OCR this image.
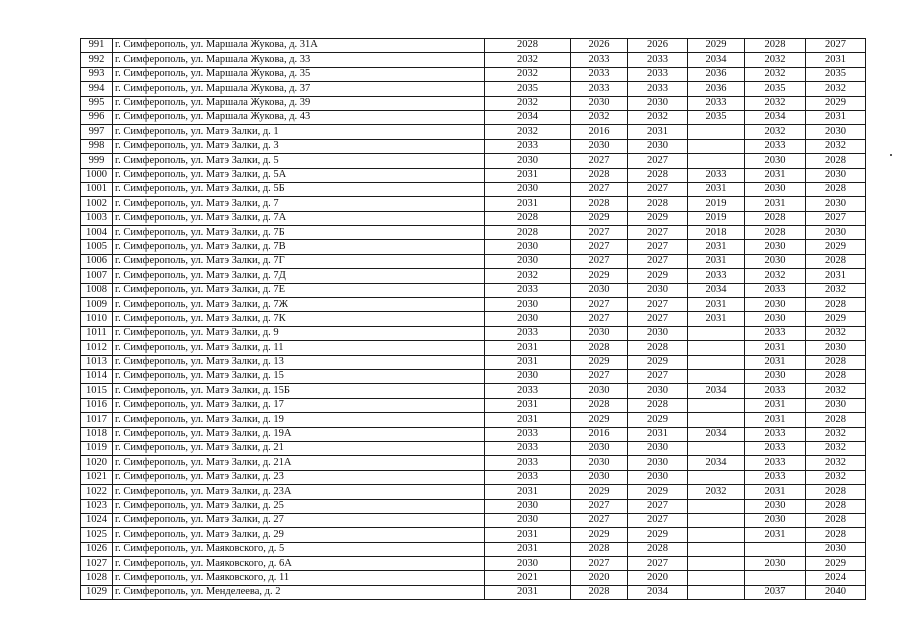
991	г. Симферополь, ул. Маршала Жукова, д. 31А	2028	2026	2026	2029	2028	2027
992	г. Симферополь, ул. Маршала Жукова, д. 33	2032	2033	2033	2034	2032	2031
993	г. Симферополь, ул. Маршала Жукова, д. 35	2032	2033	2033	2036	2032	2035
994	г. Симферополь, ул. Маршала Жукова, д. 37	2035	2033	2033	2036	2035	2032
995	г. Симферополь, ул. Маршала Жукова, д. 39	2032	2030	2030	2033	2032	2029
996	г. Симферополь, ул. Маршала Жукова, д. 43	2034	2032	2032	2035	2034	2031
997	г. Симферополь, ул. Матэ Залки, д. 1	2032	2016	2031		2032	2030
998	г. Симферополь, ул. Матэ Залки, д. 3	2033	2030	2030		2033	2032
999	г. Симферополь, ул. Матэ Залки, д. 5	2030	2027	2027		2030	2028
1000	г. Симферополь, ул. Матэ Залки, д. 5А	2031	2028	2028	2033	2031	2030
1001	г. Симферополь, ул. Матэ Залки, д. 5Б	2030	2027	2027	2031	2030	2028
1002	г. Симферополь, ул. Матэ Залки, д. 7	2031	2028	2028	2019	2031	2030
1003	г. Симферополь, ул. Матэ Залки, д. 7А	2028	2029	2029	2019	2028	2027
1004	г. Симферополь, ул. Матэ Залки, д. 7Б	2028	2027	2027	2018	2028	2030
1005	г. Симферополь, ул. Матэ Залки, д. 7В	2030	2027	2027	2031	2030	2029
1006	г. Симферополь, ул. Матэ Залки, д. 7Г	2030	2027	2027	2031	2030	2028
1007	г. Симферополь, ул. Матэ Залки, д. 7Д	2032	2029	2029	2033	2032	2031
1008	г. Симферополь, ул. Матэ Залки, д. 7Е	2033	2030	2030	2034	2033	2032
1009	г. Симферополь, ул. Матэ Залки, д. 7Ж	2030	2027	2027	2031	2030	2028
1010	г. Симферополь, ул. Матэ Залки, д. 7К	2030	2027	2027	2031	2030	2029
1011	г. Симферополь, ул. Матэ Залки, д. 9	2033	2030	2030		2033	2032
1012	г. Симферополь, ул. Матэ Залки, д. 11	2031	2028	2028		2031	2030
1013	г. Симферополь, ул. Матэ Залки, д. 13	2031	2029	2029		2031	2028
1014	г. Симферополь, ул. Матэ Залки, д. 15	2030	2027	2027		2030	2028
1015	г. Симферополь, ул. Матэ Залки, д. 15Б	2033	2030	2030	2034	2033	2032
1016	г. Симферополь, ул. Матэ Залки, д. 17	2031	2028	2028		2031	2030
1017	г. Симферополь, ул. Матэ Залки, д. 19	2031	2029	2029		2031	2028
1018	г. Симферополь, ул. Матэ Залки, д. 19А	2033	2016	2031	2034	2033	2032
1019	г. Симферополь, ул. Матэ Залки, д. 21	2033	2030	2030		2033	2032
1020	г. Симферополь, ул. Матэ Залки, д. 21А	2033	2030	2030	2034	2033	2032
1021	г. Симферополь, ул. Матэ Залки, д. 23	2033	2030	2030		2033	2032
1022	г. Симферополь, ул. Матэ Залки, д. 23А	2031	2029	2029	2032	2031	2028
1023	г. Симферополь, ул. Матэ Залки, д. 25	2030	2027	2027		2030	2028
1024	г. Симферополь, ул. Матэ Залки, д. 27	2030	2027	2027		2030	2028
1025	г. Симферополь, ул. Матэ Залки, д. 29	2031	2029	2029		2031	2028
1026	г. Симферополь, ул. Маяковского, д. 5	2031	2028	2028			2030
1027	г. Симферополь, ул. Маяковского, д. 6А	2030	2027	2027		2030	2029
1028	г. Симферополь, ул. Маяковского, д. 11	2021	2020	2020			2024
1029	г. Симферополь, ул. Менделеева, д. 2	2031	2028	2034		2037	2040
